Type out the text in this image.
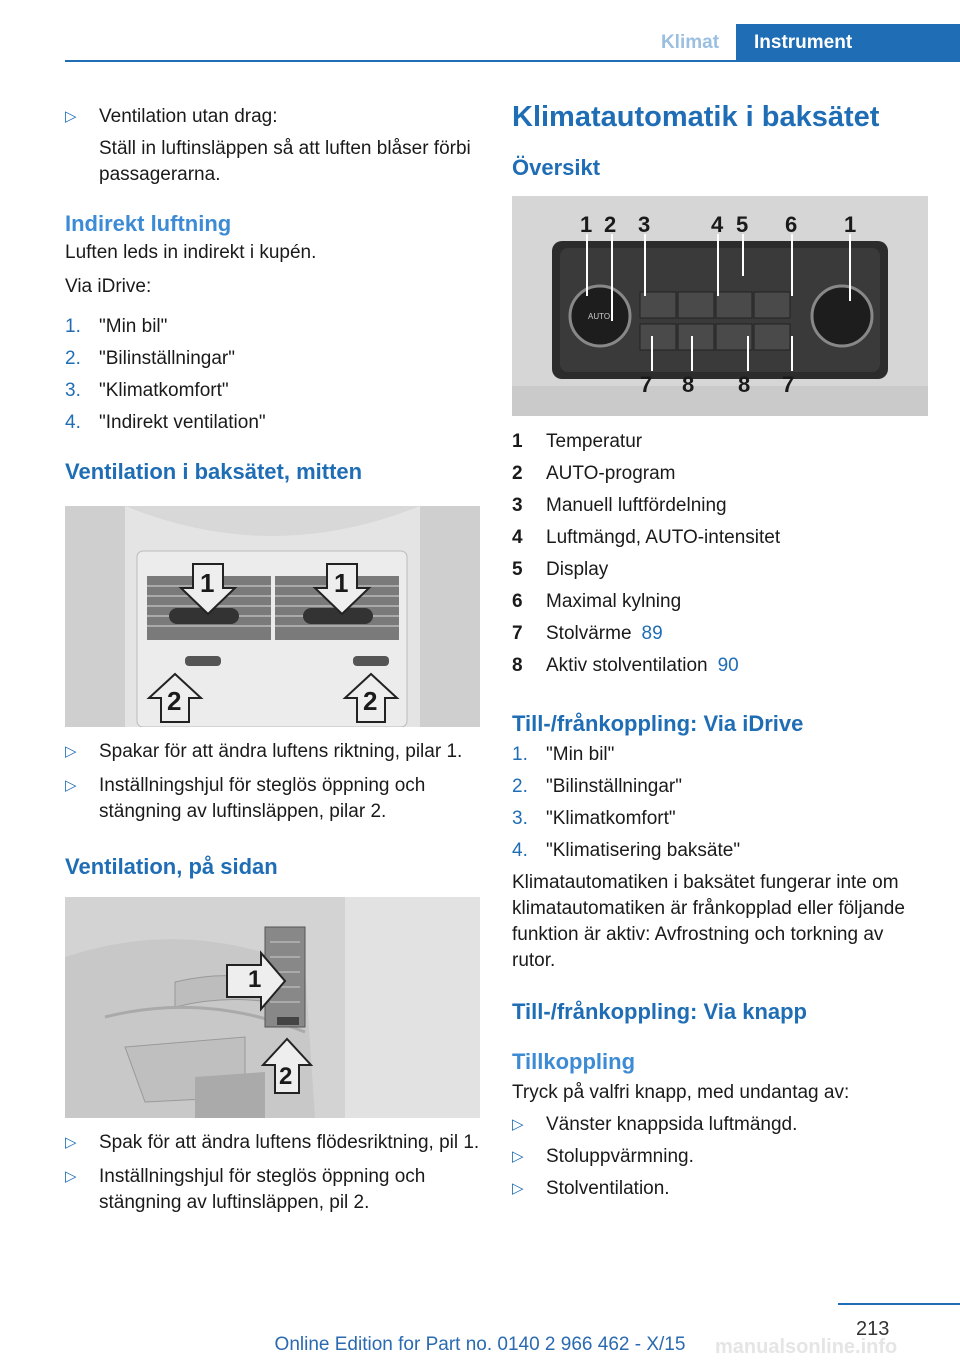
Klimat	Instrument
▷ Ventilation utan drag:

Ställ in luftinsläppen så att luften blåser förbi passagerarna.

Indirekt luftning

Luften leds in indirekt i kupén.

Via iDrive:

1. "Min bil"
2. "Bilinställningar"
3. "Klimatkomfort"
4. "Indirekt ventilation"
Ventilation i baksätet, mitten
1	1
2	2
▷ Spakar för att ändra luftens riktning, pilar 1.

▷ Inställningshjul för steglös öppning och stängning av luftinsläppen, pilar 2.

Ventilation, på sidan
1
2
▷ Spak för att ändra luftens flödesriktning, pil 1.

▷ Inställningshjul för steglös öppning och stängning av luftinsläppen, pil 2.

Klimatautomatik i baksätet
Översikt
AUTO
1 2 3	4 5 6 1
7 8 8 7
1 Temperatur
2 AUTO-program
3 Manuell luftfördelning
4 Luftmängd, AUTO-intensitet
5 Display
6 Maximal kylning
7 Stolvärme 89
8 Aktiv stolventilation 90
Till-/frånkoppling: Via iDrive
1. "Min bil"
2. "Bilinställningar"
3. "Klimatkomfort"
4. "Klimatisering baksäte"

Klimatautomatiken i baksätet fungerar inte om klimatautomatiken är frånkopplad eller följande funktion är aktiv: Avfrostning och torkning av rutor.

Till-/frånkoppling: Via knapp
Tillkoppling

Tryck på valfri knapp, med undantag av:

▷ Vänster knappsida luftmängd.

▷ Stoluppvärmning.

▷ Stolventilation.

213
manualsonline.info
Online Edition for Part no. 0140 2 966 462 - X/15
